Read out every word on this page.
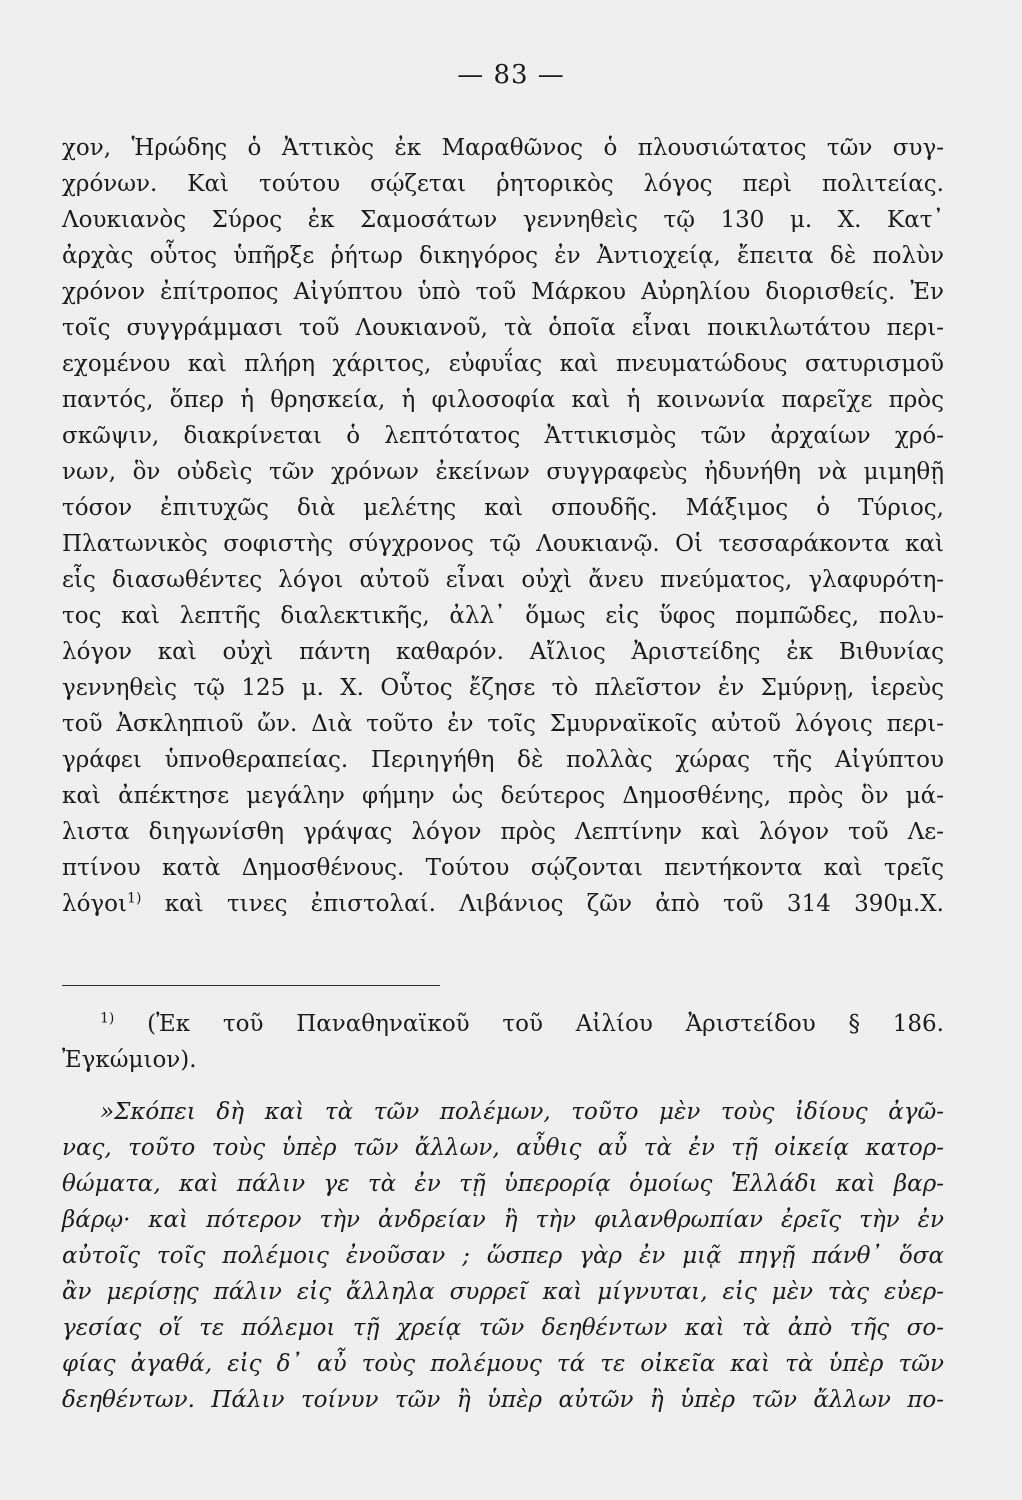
— 83 —
χον, Ἡρώδης ὁ Ἀττικὸς ἐκ Μαραθῶνος ὁ πλουσιώτατος τῶν συγ-
χρόνων. Καὶ τούτου σῴζεται ῥητορικὸς λόγος περὶ πολιτείας.
Λουκιανὸς Σύρος ἐκ Σαμοσάτων γεννηθεὶς τῷ 130 μ. Χ. Κατ᾽
ἀρχὰς οὗτος ὑπῆρξε ῥήτωρ δικηγόρος ἐν Ἀντιοχείᾳ, ἔπειτα δὲ πολὺν
χρόνον ἐπίτροπος Αἰγύπτου ὑπὸ τοῦ Μάρκου Αὐρηλίου διορισθείς. Ἐν
τοῖς συγγράμμασι τοῦ Λουκιανοῦ, τὰ ὁποῖα εἶναι ποικιλωτάτου περι-
εχομένου καὶ πλήρη χάριτος, εὐφυΐας καὶ πνευματώδους σατυρισμοῦ
παντός, ὅπερ ἡ θρησκεία, ἡ φιλοσοφία καὶ ἡ κοινωνία παρεῖχε πρὸς
σκῶψιν, διακρίνεται ὁ λεπτότατος Ἀττικισμὸς τῶν ἀρχαίων χρό-
νων, ὃν οὐδεὶς τῶν χρόνων ἐκείνων συγγραφεὺς ἠδυνήθη νὰ μιμηθῇ
τόσον ἐπιτυχῶς διὰ μελέτης καὶ σπουδῆς. Μάξιμος ὁ Τύριος,
Πλατωνικὸς σοφιστὴς σύγχρονος τῷ Λουκιανῷ. Οἱ τεσσαράκοντα καὶ
εἷς διασωθέντες λόγοι αὐτοῦ εἶναι οὐχὶ ἄνευ πνεύματος, γλαφυρότη-
τος καὶ λεπτῆς διαλεκτικῆς, ἀλλ᾽ ὅμως εἰς ὕφος πομπῶδες, πολυ-
λόγον καὶ οὐχὶ πάντη καθαρόν. Αἴλιος Ἀριστείδης ἐκ Βιθυνίας
γεννηθεὶς τῷ 125 μ. Χ. Οὗτος ἔζησε τὸ πλεῖστον ἐν Σμύρνῃ, ἱερεὺς
τοῦ Ἀσκληπιοῦ ὤν. Διὰ τοῦτο ἐν τοῖς Σμυρναϊκοῖς αὐτοῦ λόγοις περι-
γράφει ὑπνοθεραπείας. Περιηγήθη δὲ πολλὰς χώρας τῆς Αἰγύπτου
καὶ ἀπέκτησε μεγάλην φήμην ὡς δεύτερος Δημοσθένης, πρὸς ὃν μά-
λιστα διηγωνίσθη γράψας λόγον πρὸς Λεπτίνην καὶ λόγον τοῦ Λε-
πτίνου κατὰ Δημοσθένους. Τούτου σῴζονται πεντήκοντα καὶ τρεῖς
λόγοι$^{1)}$ καὶ τινες ἐπιστολαί. Λιβάνιος ζῶν ἀπὸ τοῦ 314 390μ.Χ.
$^{1)}$ (Ἐκ τοῦ Παναθηναϊκοῦ τοῦ Αἰλίου Ἀριστείδου § 186.
Ἐγκώμιον).
»Σκόπει δὴ καὶ τὰ τῶν πολέμων, τοῦτο μὲν τοὺς ἰδίους ἀγῶ-
νας, τοῦτο τοὺς ὑπὲρ τῶν ἄλλων, αὖθις αὖ τὰ ἐν τῇ οἰκείᾳ κατορ-
θώματα, καὶ πάλιν γε τὰ ἐν τῇ ὑπερορίᾳ ὁμοίως Ἑλλάδι καὶ βαρ-
βάρῳ· καὶ πότερον τὴν ἀνδρείαν ἢ τὴν φιλανθρωπίαν ἐρεῖς τὴν ἐν
αὐτοῖς τοῖς πολέμοις ἐνοῦσαν ; ὥσπερ γὰρ ἐν μιᾷ πηγῇ πάνθ᾽ ὅσα
ἂν μερίσῃς πάλιν εἰς ἄλληλα συρρεῖ καὶ μίγνυται, εἰς μὲν τὰς εὐερ-
γεσίας οἵ τε πόλεμοι τῇ χρείᾳ τῶν δεηθέντων καὶ τὰ ἀπὸ τῆς σο-
φίας ἀγαθά, εἰς δ᾽ αὖ τοὺς πολέμους τά τε οἰκεῖα καὶ τὰ ὑπὲρ τῶν
δεηθέντων. Πάλιν τοίνυν τῶν ἢ ὑπὲρ αὐτῶν ἢ ὑπὲρ τῶν ἄλλων πο-
